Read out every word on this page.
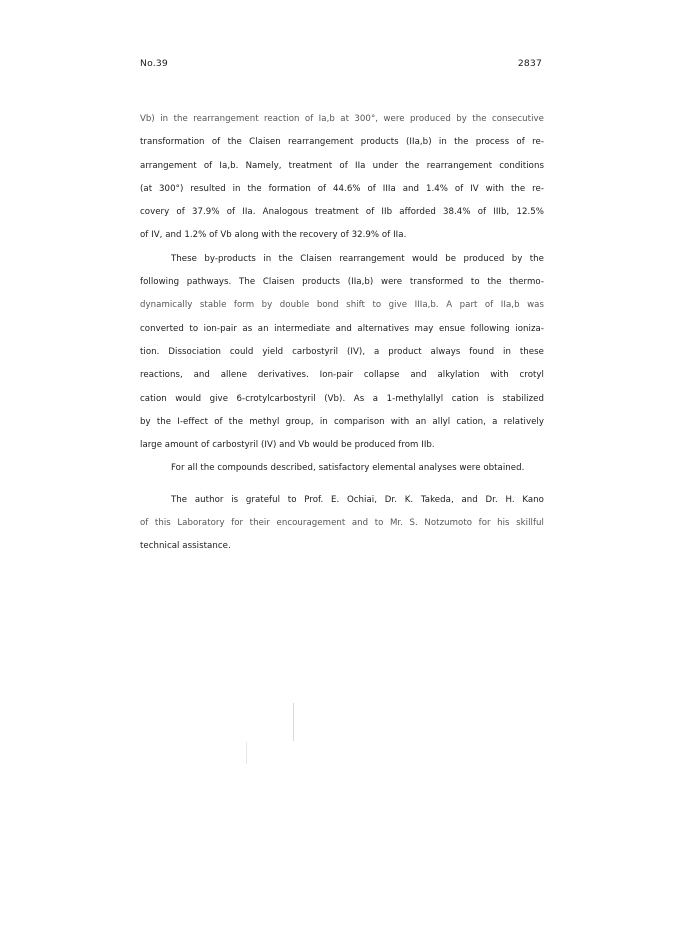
No.39	2837
Vb) in the rearrangement reaction of Ia,b at 300°, were produced by the consecutive
transformation of the Claisen rearrangement products (IIa,b) in the process of re-
arrangement of Ia,b. Namely, treatment of IIa under the rearrangement conditions
(at 300°) resulted in the formation of 44.6% of IIIa and 1.4% of IV with the re-
covery of 37.9% of IIa. Analogous treatment of IIb afforded 38.4% of IIIb, 12.5%
of IV, and 1.2% of Vb along with the recovery of 32.9% of IIa.
These by-products in the Claisen rearrangement would be produced by the
following pathways. The Claisen products (IIa,b) were transformed to the thermo-
dynamically stable form by double bond shift to give IIIa,b. A part of IIa,b was
converted to ion-pair as an intermediate and alternatives may ensue following ioniza-
tion. Dissociation could yield carbostyril (IV), a product always found in these
reactions, and allene derivatives. Ion-pair collapse and alkylation with crotyl
cation would give 6-crotylcarbostyril (Vb). As a 1-methylallyl cation is stabilized
by the I-effect of the methyl group, in comparison with an allyl cation, a relatively
large amount of carbostyril (IV) and Vb would be produced from IIb.
For all the compounds described, satisfactory elemental analyses were obtained.
The author is grateful to Prof. E. Ochiai, Dr. K. Takeda, and Dr. H. Kano
of this Laboratory for their encouragement and to Mr. S. Notzumoto for his skillful
technical assistance.
